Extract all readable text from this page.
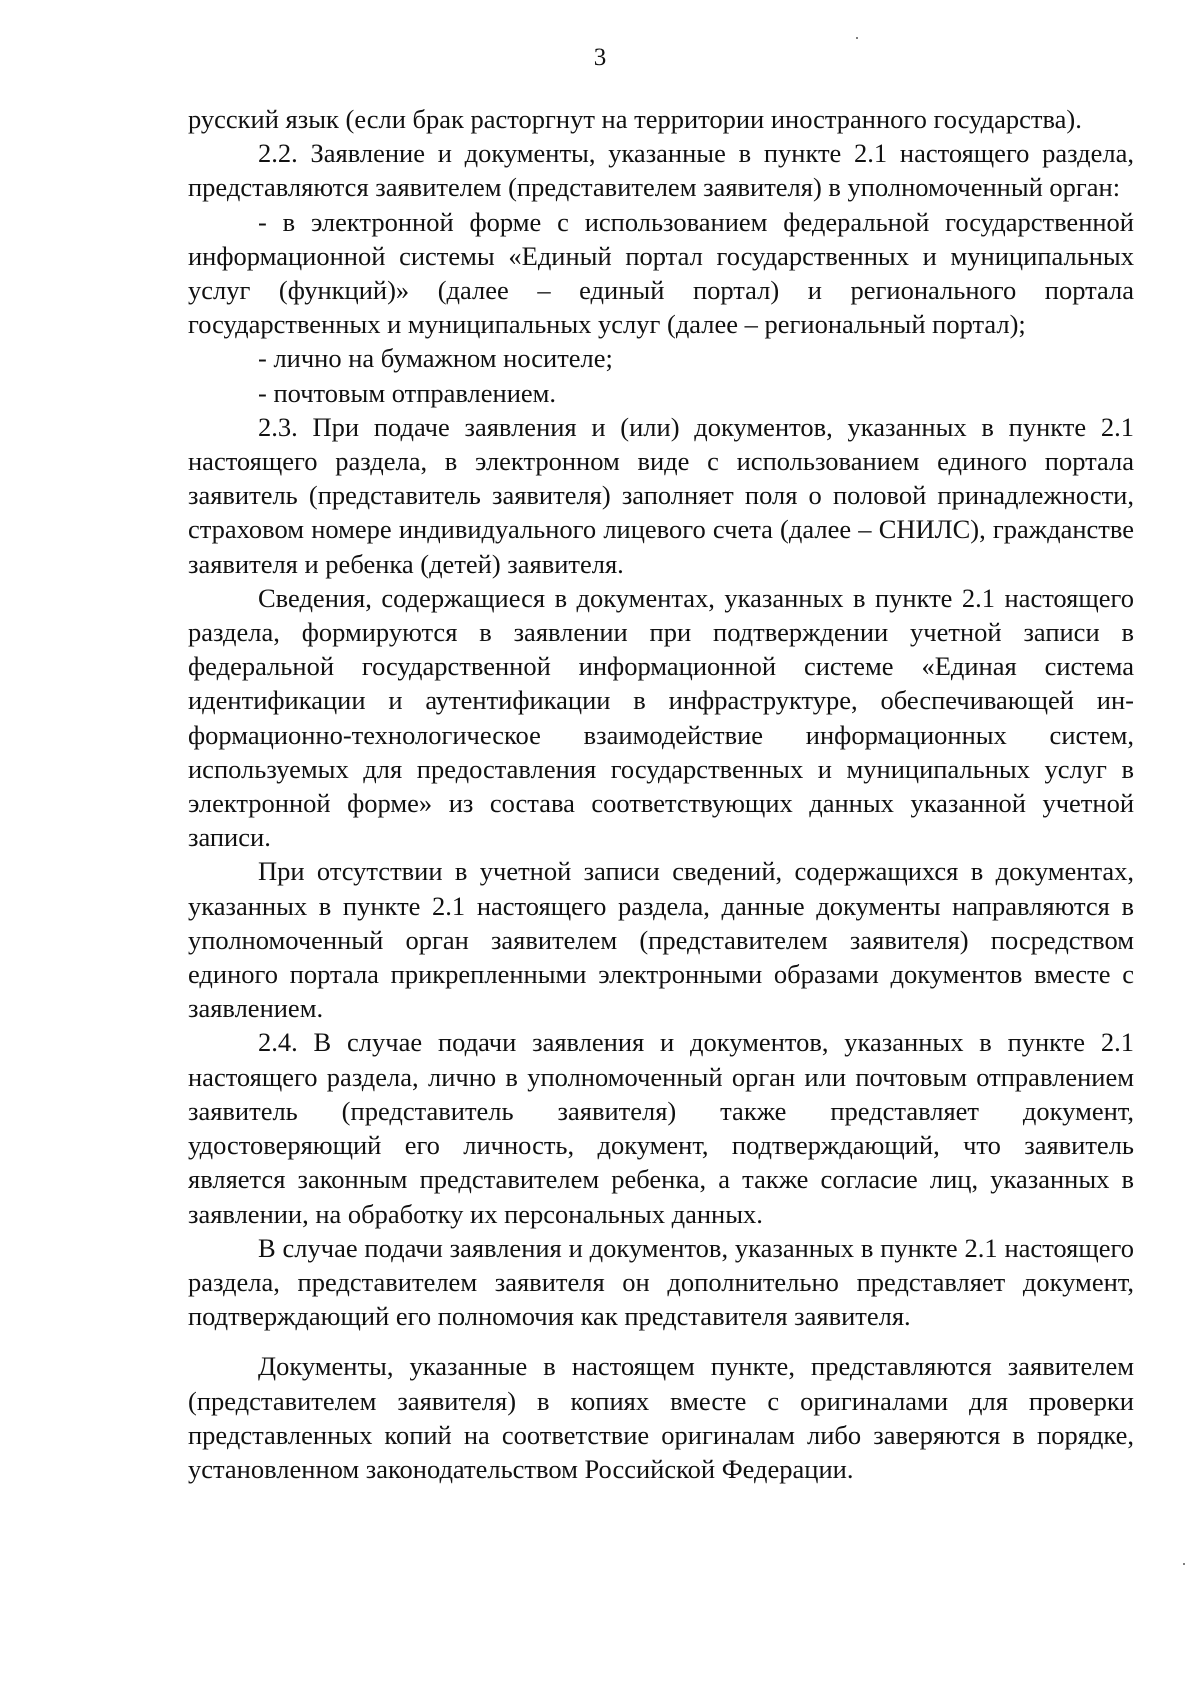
3

русский язык (если брак расторгнут на территории иностранного государства).

2.2. Заявление и документы, указанные в пункте 2.1 настоящего раздела, представляются заявителем (представителем заявителя) в уполномоченный орган:

- в электронной форме с использованием федеральной государственной информационной системы «Единый портал государственных и муниципальных услуг (функций)» (далее – единый портал) и регионального портала государственных и муниципальных услуг (далее – региональный портал);

- лично на бумажном носителе;

- почтовым отправлением.

2.3. При подаче заявления и (или) документов, указанных в пункте 2.1 настоящего раздела, в электронном виде с использованием единого портала заявитель (представитель заявителя) заполняет поля о половой принадлежности, страховом номере индивидуального лицевого счета (далее – СНИЛС), гражданстве заявителя и ребенка (детей) заявителя.

Сведения, содержащиеся в документах, указанных в пункте 2.1 настоящего раздела, формируются в заявлении при подтверждении учетной записи в федеральной государственной информационной системе «Единая система идентификации и аутентификации в инфраструктуре, обеспечивающей информационно-технологическое взаимодействие информационных систем, используемых для предоставления государственных и муниципальных услуг в электронной форме» из состава соответствующих данных указанной учетной записи.

При отсутствии в учетной записи сведений, содержащихся в документах, указанных в пункте 2.1 настоящего раздела, данные документы направляются в уполномоченный орган заявителем (представителем заявителя) посредством единого портала прикрепленными электронными образами документов вместе с заявлением.

2.4. В случае подачи заявления и документов, указанных в пункте 2.1 настоящего раздела, лично в уполномоченный орган или почтовым отправлением заявитель (представитель заявителя) также представляет документ, удостоверяющий его личность, документ, подтверждающий, что заявитель является законным представителем ребенка, а также согласие лиц, указанных в заявлении, на обработку их персональных данных.

В случае подачи заявления и документов, указанных в пункте 2.1 настоящего раздела, представителем заявителя он дополнительно представляет документ, подтверждающий его полномочия как представителя заявителя.

Документы, указанные в настоящем пункте, представляются заявителем (представителем заявителя) в копиях вместе с оригиналами для проверки представленных копий на соответствие оригиналам либо заверяются в порядке, установленном законодательством Российской Федерации.
